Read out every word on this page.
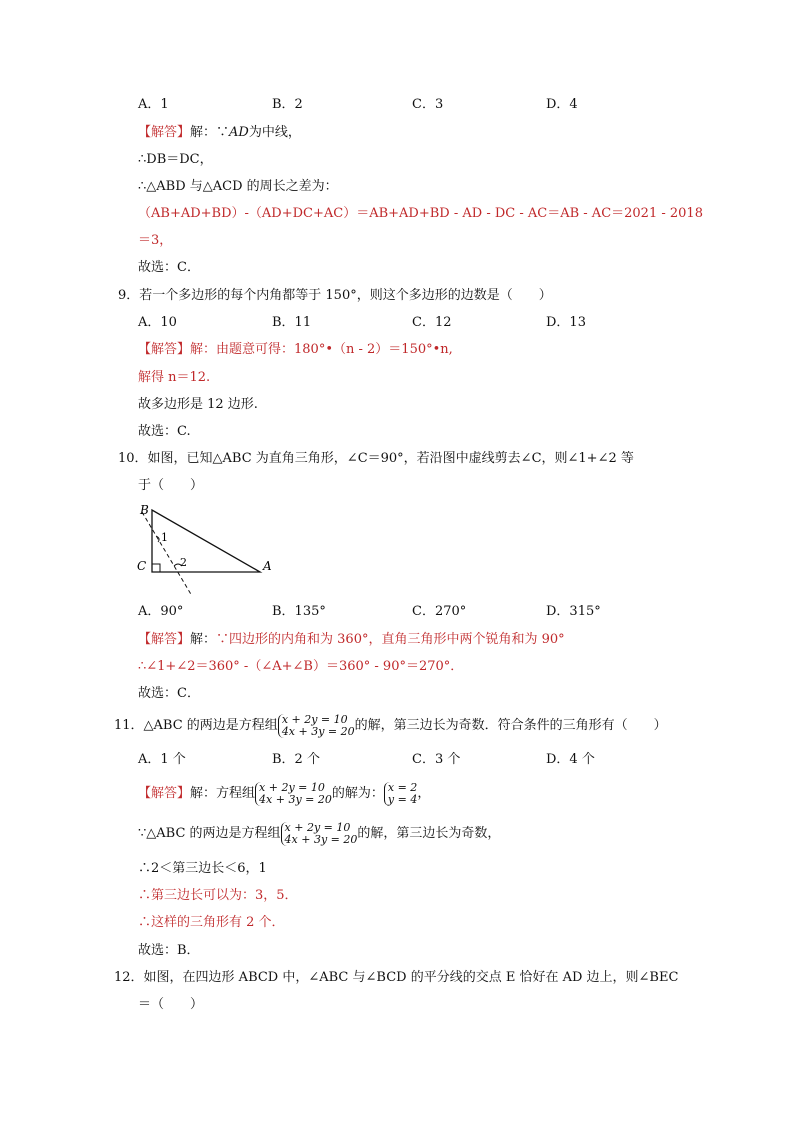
A．1	B．2	C．3	D．4
【解答】解：∵AD为中线，
∴DB＝DC，
∴△ABD 与△ACD 的周长之差为：
（AB+AD+BD）-（AD+DC+AC）＝AB+AD+BD - AD - DC - AC＝AB - AC＝2021 - 2018
＝3，
故选：C．
9．若一个多边形的每个内角都等于 150°，则这个多边形的边数是（　　）
A．10	B．11	C．12	D．13
【解答】解：由题意可得：180°•（n - 2）＝150°•n,
解得 n＝12.
故多边形是 12 边形.
故选：C.
10．如图，已知△ABC 为直角三角形，∠C＝90°，若沿图中虚线剪去∠C，则∠1+∠2 等
于（　　）
B
C	A
1
2
A．90°	B．135°	C．270°	D．315°
【解答】解：∵四边形的内角和为 360°，直角三角形中两个锐角和为 90°
∴∠1+∠2＝360° -（∠A+∠B）＝360° - 90°＝270°．
故选：C．
11．△ABC 的两边是方程组 x + 2y = 10
4x + 3y = 20 的解，第三边长为奇数．符合条件的三角形有（　　）
A．1 个	B．2 个	C．3 个	D．4 个
【解答】解：方程组 x + 2y = 10
4x + 3y = 20 的解为： x = 2
y = 4 ，
∵△ABC 的两边是方程组 x + 2y = 10
4x + 3y = 20 的解，第三边长为奇数，
∴2＜第三边长＜6，1
∴第三边长可以为：3，5．
∴这样的三角形有 2 个．
故选：B．
12．如图，在四边形 ABCD 中，∠ABC 与∠BCD 的平分线的交点 E 恰好在 AD 边上，则∠BEC
＝（　　）
